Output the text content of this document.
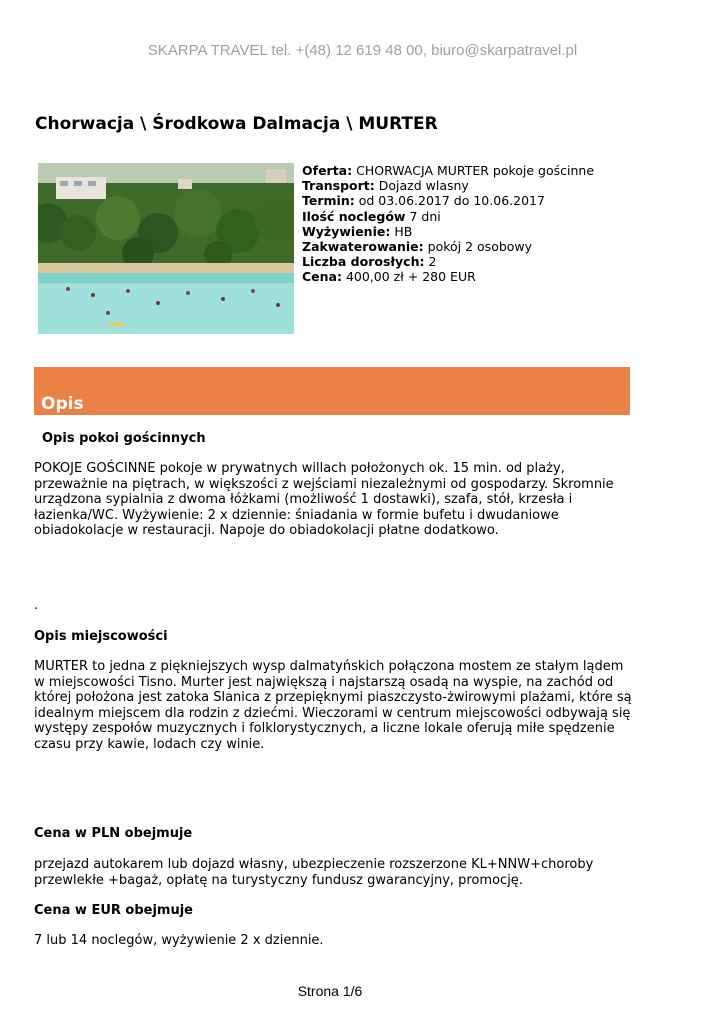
SKARPA TRAVEL tel. +(48) 12 619 48 00, biuro@skarpatravel.pl
Chorwacja \ Środkowa Dalmacja \ MURTER
Oferta: CHORWACJA MURTER pokoje gościnne
Transport: Dojazd wlasny
Termin: od 03.06.2017 do 10.06.2017
Ilość noclegów 7 dni
Wyżywienie: HB
Zakwaterowanie: pokój 2 osobowy
Liczba dorosłych: 2
Cena: 400,00 zł + 280 EUR
Opis
Opis pokoi gościnnych
POKOJE GOŚCINNE pokoje w prywatnych willach położonych ok. 15 min. od plaży, przeważnie na piętrach, w większości z wejściami niezależnymi od gospodarzy. Skromnie urządzona sypialnia z dwoma łóżkami (możliwość 1 dostawki), szafa, stół, krzesła i łazienka/WC. Wyżywienie: 2 x dziennie: śniadania w formie bufetu i dwudaniowe obiadokolacje w restauracji. Napoje do obiadokolacji płatne dodatkowo.
.
Opis miejscowości
MURTER to jedna z piękniejszych wysp dalmatyńskich połączona mostem ze stałym lądem w miejscowości Tisno. Murter jest największą i najstarszą osadą na wyspie, na zachód od której położona jest zatoka Slanica z przepięknymi piaszczysto-żwirowymi plażami, które są idealnym miejscem dla rodzin z dziećmi. Wieczorami w centrum miejscowości odbywają się występy zespołów muzycznych i folklorystycznych, a liczne lokale oferują miłe spędzenie czasu przy kawie, lodach czy winie.
Cena w PLN obejmuje
przejazd autokarem lub dojazd własny, ubezpieczenie rozszerzone KL+NNW+choroby przewlekłe +bagaż, opłatę na turystyczny fundusz gwarancyjny, promocję.
Cena w EUR obejmuje
7 lub 14 noclegów, wyżywienie 2 x dziennie.
Strona 1/6
